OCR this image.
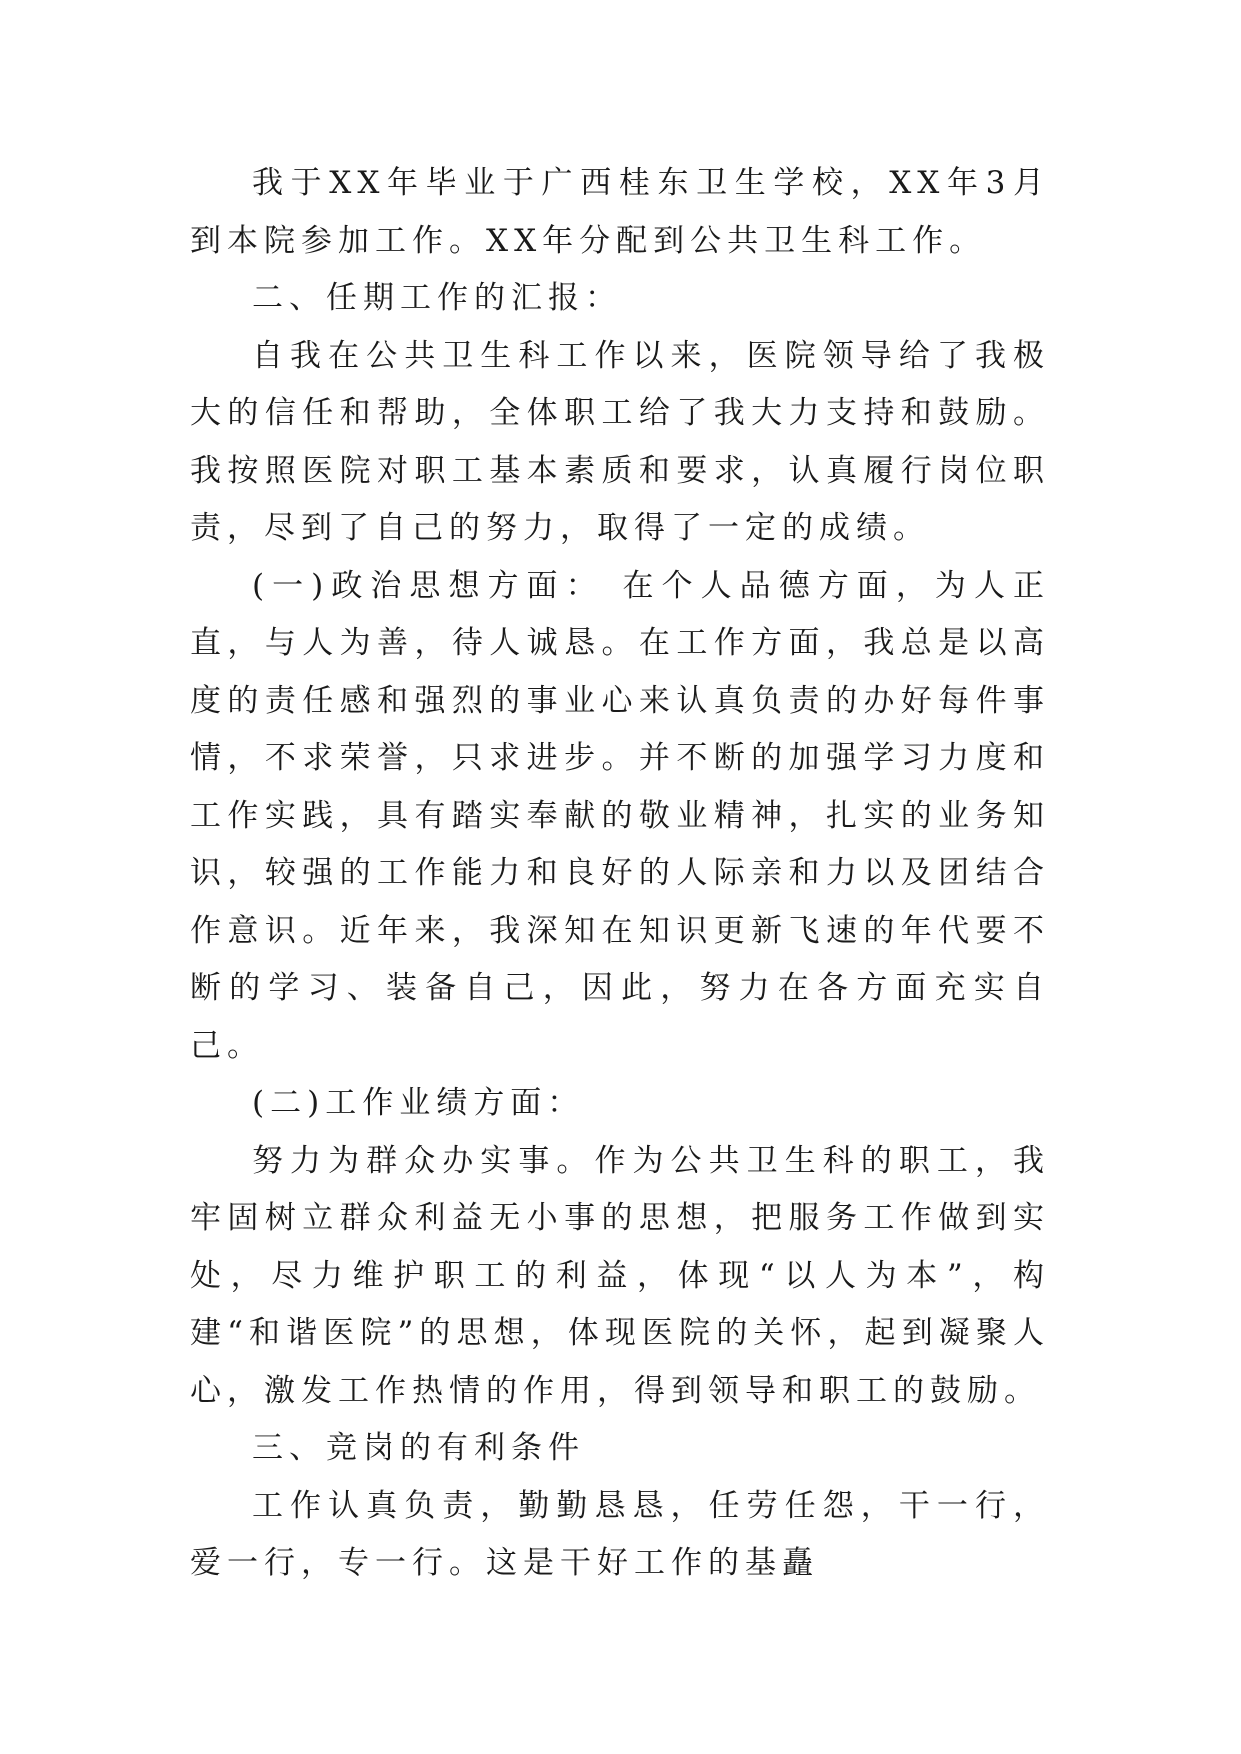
我于XX年毕业于广西桂东卫生学校，XX年3月到本院参加工作。XX年分配到公共卫生科工作。

二、任期工作的汇报：

自我在公共卫生科工作以来，医院领导给了我极大的信任和帮助，全体职工给了我大力支持和鼓励。我按照医院对职工基本素质和要求，认真履行岗位职责，尽到了自己的努力，取得了一定的成绩。

(一)政治思想方面： 在个人品德方面，为人正直，与人为善，待人诚恳。在工作方面，我总是以高度的责任感和强烈的事业心来认真负责的办好每件事情，不求荣誉，只求进步。并不断的加强学习力度和工作实践，具有踏实奉献的敬业精神，扎实的业务知识，较强的工作能力和良好的人际亲和力以及团结合作意识。近年来，我深知在知识更新飞速的年代要不断的学习、装备自己，因此，努力在各方面充实自己。

(二)工作业绩方面：

努力为群众办实事。作为公共卫生科的职工，我牢固树立群众利益无小事的思想，把服务工作做到实处，尽力维护职工的利益，体现“以人为本”，构建“和谐医院”的思想，体现医院的关怀，起到凝聚人心，激发工作热情的作用，得到领导和职工的鼓励。

三、竞岗的有利条件

工作认真负责，勤勤恳恳，任劳任怨，干一行，爱一行，专一行。这是干好工作的基矗
